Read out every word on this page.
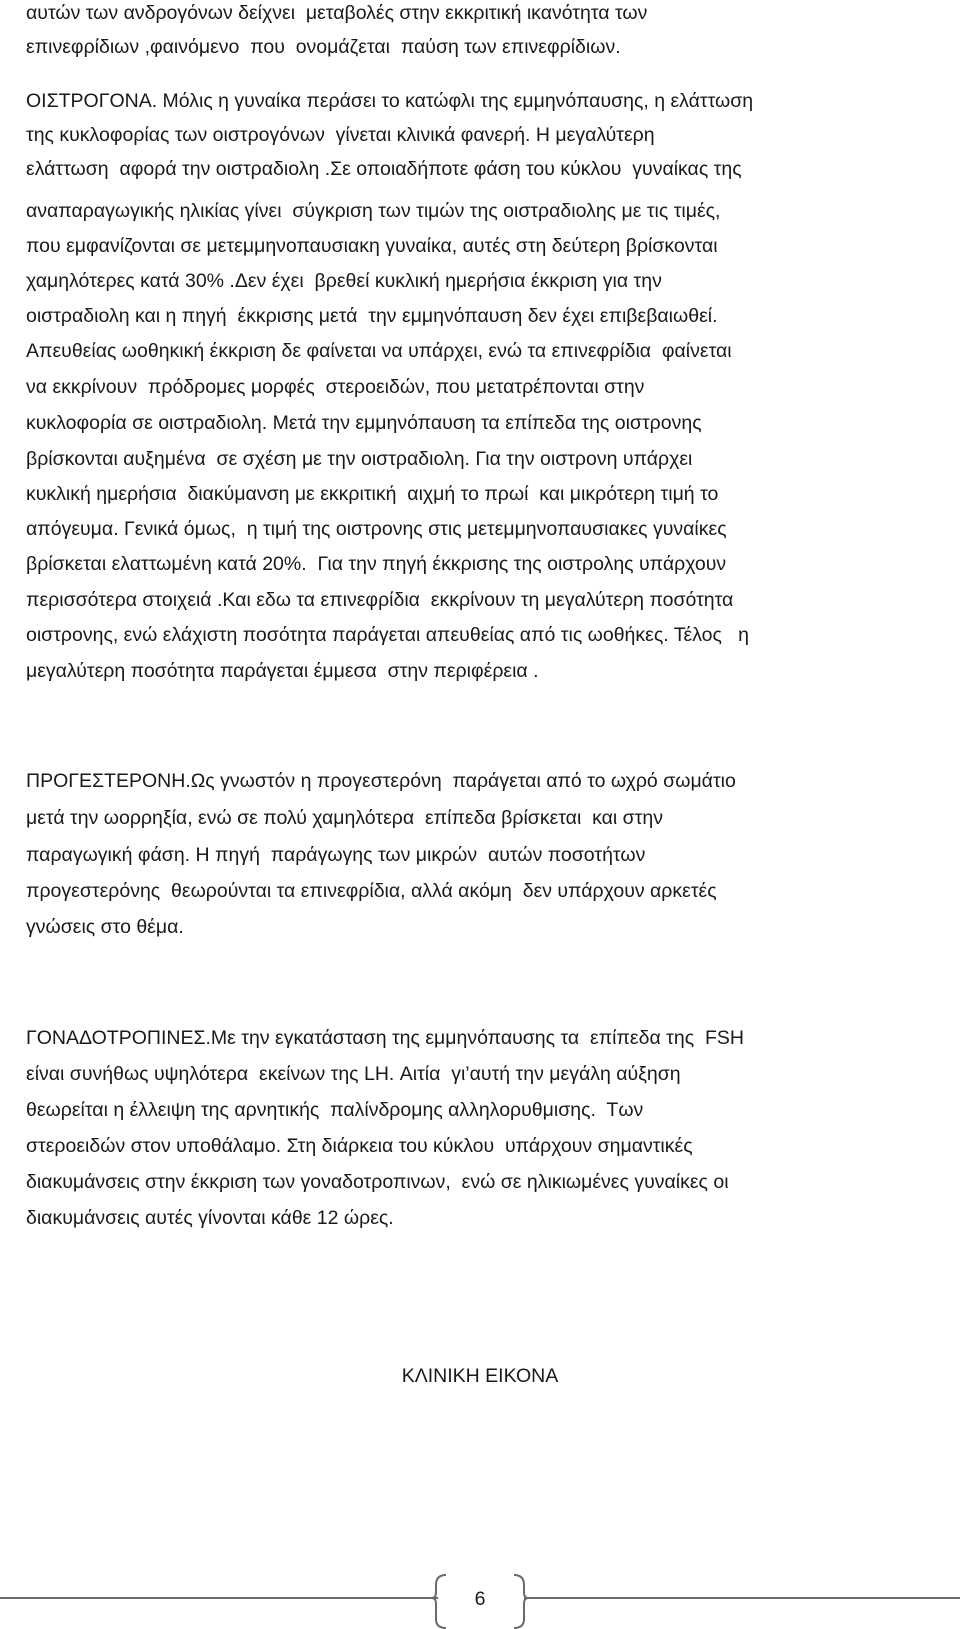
αυτών των ανδρογόνων δείχνει  μεταβολές στην εκκριτική ικανότητα των
επινεφρίδιων ,φαινόμενο  που  ονομάζεται  παύση των επινεφρίδιων.
ΟΙΣΤΡΟΓΟΝΑ. Μόλις η γυναίκα περάσει το κατώφλι της εμμηνόπαυσης, η ελάττωση
της κυκλοφορίας των οιστρογόνων  γίνεται κλινικά φανερή. Η μεγαλύτερη
ελάττωση  αφορά την οιστραδιολη .Σε οποιαδήποτε φάση του κύκλου  γυναίκας της
αναπαραγωγικής ηλικίας γίνει  σύγκριση των τιμών της οιστραδιολης με τις τιμές,
που εμφανίζονται σε μετεμμηνοπαυσιακη γυναίκα, αυτές στη δεύτερη βρίσκονται
χαμηλότερες κατά 30% .Δεν έχει  βρεθεί κυκλική ημερήσια έκκριση για την
οιστραδιολη και η πηγή  έκκρισης μετά  την εμμηνόπαυση δεν έχει επιβεβαιωθεί.
Απευθείας ωοθηκική έκκριση δε φαίνεται να υπάρχει, ενώ τα επινεφρίδια  φαίνεται
να εκκρίνουν  πρόδρομες μορφές  στεροειδών, που μετατρέπονται στην
κυκλοφορία σε οιστραδιολη. Μετά την εμμηνόπαυση τα επίπεδα της οιστρονης
βρίσκονται αυξημένα  σε σχέση με την οιστραδιολη. Για την οιστρονη υπάρχει
κυκλική ημερήσια  διακύμανση με εκκριτική  αιχμή το πρωί  και μικρότερη τιμή το
απόγευμα. Γενικά όμως,  η τιμή της οιστρονης στις μετεμμηνοπαυσιακες γυναίκες
βρίσκεται ελαττωμένη κατά 20%.  Για την πηγή έκκρισης της οιστρολης υπάρχουν
περισσότερα στοιχειά .Και εδω τα επινεφρίδια  εκκρίνουν τη μεγαλύτερη ποσότητα
οιστρονης, ενώ ελάχιστη ποσότητα παράγεται απευθείας από τις ωοθήκες. Τέλος   η
μεγαλύτερη ποσότητα παράγεται έμμεσα  στην περιφέρεια .
ΠΡΟΓΕΣΤΕΡΟΝΗ.Ως γνωστόν η προγεστερόνη  παράγεται από το ωχρό σωμάτιο
μετά την ωορρηξία, ενώ σε πολύ χαμηλότερα  επίπεδα βρίσκεται  και στην
παραγωγική φάση. Η πηγή  παράγωγης των μικρών  αυτών ποσοτήτων
προγεστερόνης  θεωρούνται τα επινεφρίδια, αλλά ακόμη  δεν υπάρχουν αρκετές
γνώσεις στο θέμα.
ΓΟΝΑΔΟΤΡΟΠΙΝΕΣ.Με την εγκατάσταση της εμμηνόπαυσης τα  επίπεδα της  FSH
είναι συνήθως υψηλότερα  εκείνων της LH. Αιτία  γι’αυτή την μεγάλη αύξηση
θεωρείται η έλλειψη της αρνητικής  παλίνδρομης αλληλορυθμισης.  Των
στεροειδών στον υποθάλαμο. Στη διάρκεια του κύκλου  υπάρχουν σημαντικές
διακυμάνσεις στην έκκριση των γοναδοτροπινων,  ενώ σε ηλικιωμένες γυναίκες οι
διακυμάνσεις αυτές γίνονται κάθε 12 ώρες.
ΚΛΙΝΙΚΗ ΕΙΚΟΝΑ
6
